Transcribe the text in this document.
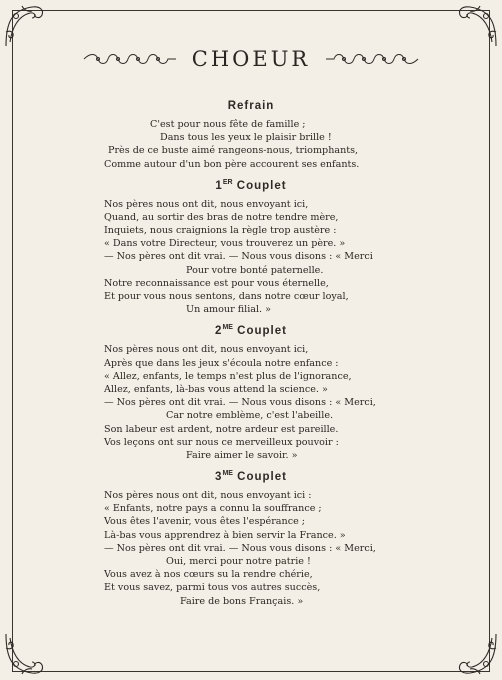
CHOEUR
Refrain
C'est pour nous fête de famille ;
Dans tous les yeux le plaisir brille !
Près de ce buste aimé rangeons-nous, triomphants,
Comme autour d'un bon père accourent ses enfants.
1ER Couplet
Nos pères nous ont dit, nous envoyant ici,
Quand, au sortir des bras de notre tendre mère,
Inquiets, nous craignions la règle trop austère :
« Dans votre Directeur, vous trouverez un père. »
— Nos pères ont dit vrai. — Nous vous disons : « Merci
Pour votre bonté paternelle.
Notre reconnaissance est pour vous éternelle,
Et pour vous nous sentons, dans notre cœur loyal,
Un amour filial. »
$2^{ME}$ Couplet
Nos pères nous ont dit, nous envoyant ici,
Après que dans les jeux s'écoula notre enfance :
« Allez, enfants, le temps n'est plus de l'ignorance,
Allez, enfants, là-bas vous attend la science. »
— Nos pères ont dit vrai. — Nous vous disons : « Merci,
Car notre emblème, c'est l'abeille.
Son labeur est ardent, notre ardeur est pareille.
Vos leçons ont sur nous ce merveilleux pouvoir :
Faire aimer le savoir. »
$3^{ME}$ Couplet
Nos pères nous ont dit, nous envoyant ici :
« Enfants, notre pays a connu la souffrance ;
Vous êtes l'avenir, vous êtes l'espérance ;
Là-bas vous apprendrez à bien servir la France. »
— Nos pères ont dit vrai. — Nous vous disons : « Merci,
Oui, merci pour notre patrie !
Vous avez à nos cœurs su la rendre chérie,
Et vous savez, parmi tous vos autres succès,
Faire de bons Français. »
